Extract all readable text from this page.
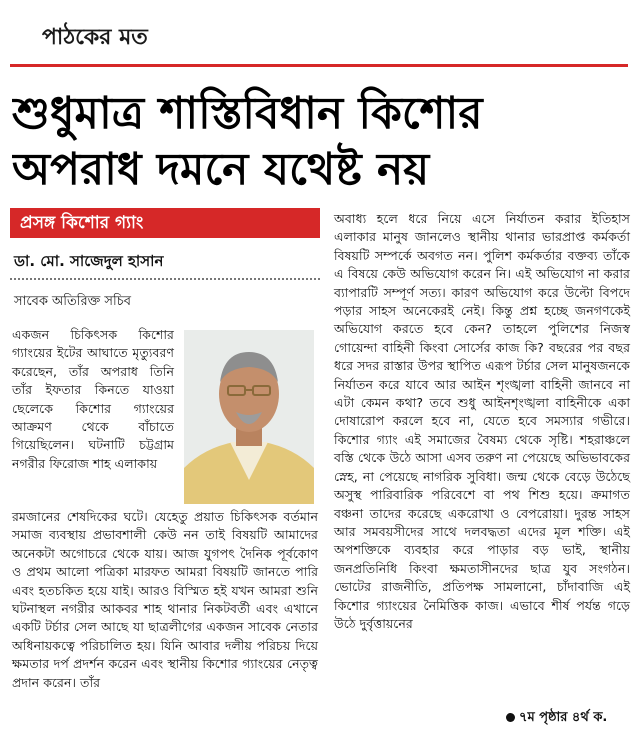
পাঠকের মত
শুধুমাত্র শাস্তিবিধান কিশোর
অপরাধ দমনে যথেষ্ট নয়
প্রসঙ্গ কিশোর গ্যাং
ডা. মো. সাজেদুল হাসান
সাবেক অতিরিক্ত সচিব
একজন চিকিৎসক কিশোর গ্যাংয়ের ইটের আঘাতে মৃত্যুবরণ করেছেন, তাঁর অপরাধ তিনি তাঁর ইফতার কিনতে যাওয়া ছেলেকে কিশোর গ্যাংয়ের আক্রমণ থেকে বাঁচাতে গিয়েছিলেন। ঘটনাটি চট্টগ্রাম নগরীর ফিরোজ শাহ এলাকায়
রমজানের শেষদিকের ঘটে। যেহেতু প্রয়াত চিকিৎসক বর্তমান সমাজ ব্যবস্থায় প্রভাবশালী কেউ নন তাই বিষয়টি আমাদের অনেকটা অগোচরে থেকে যায়। আজ যুগপৎ দৈনিক পূর্বকোণ ও প্রথম আলো পত্রিকা মারফত আমরা বিষয়টি জানতে পারি এবং হতচকিত হয়ে যাই। আরও বিস্মিত হই যখন আমরা শুনি ঘটনাস্থল নগরীর আকবর শাহ থানার নিকটবর্তী এবং এখানে একটি টর্চার সেল আছে যা ছাত্রলীগের একজন সাবেক নেতার অধিনায়কত্বে পরিচালিত হয়। যিনি আবার দলীয় পরিচয় দিয়ে ক্ষমতার দর্প প্রদর্শন করেন এবং স্থানীয় কিশোর গ্যাংয়ের নেতৃত্ব প্রদান করেন। তাঁর
অবাধ্য হলে ধরে নিয়ে এসে নির্যাতন করার ইতিহাস এলাকার মানুষ জানলেও স্থানীয় থানার ভারপ্রাপ্ত কর্মকর্তা বিষয়টি সম্পর্কে অবগত নন। পুলিশ কর্মকর্তার বক্তব্য তাঁকে এ বিষয়ে কেউ অভিযোগ করেন নি। এই অভিযোগ না করার ব্যাপারটি সম্পূর্ণ সত্য। কারণ অভিযোগ করে উল্টো বিপদে পড়ার সাহস অনেকেরই নেই। কিন্তু প্রশ্ন হচ্ছে জনগণকেই অভিযোগ করতে হবে কেন? তাহলে পুলিশের নিজস্ব গোয়েন্দা বাহিনী কিংবা সোর্সের কাজ কি? বছরের পর বছর ধরে সদর রাস্তার উপর স্থাপিত এরূপ টর্চার সেল মানুষজনকে নির্যাতন করে যাবে আর আইন শৃংঙ্খলা বাহিনী জানবে না এটা কেমন কথা? তবে শুধু আইনশৃংঙ্খলা বাহিনীকে একা দোষারোপ করলে হবে না, যেতে হবে সমস্যার গভীরে। কিশোর গ্যাং এই সমাজের বৈষম্য থেকে সৃষ্টি। শহরাঞ্চলে বস্তি থেকে উঠে আসা এসব তরুণ না পেয়েছে অভিভাবকের স্নেহ, না পেয়েছে নাগরিক সুবিধা। জন্ম থেকে বেড়ে উঠেছে অসুস্থ পারিবারিক পরিবেশে বা পথ শিশু হয়ে। ক্রমাগত বঞ্চনা তাদের করেছে একরোখা ও বেপরোয়া। দুরন্ত সাহস আর সমবয়সীদের সাথে দলবদ্ধতা এদের মূল শক্তি। এই অপশক্তিকে ব্যবহার করে পাড়ার বড় ভাই, স্থানীয় জনপ্রতিনিধি কিংবা ক্ষমতাসীনদের ছাত্র যুব সংগঠন। ভোটের রাজনীতি, প্রতিপক্ষ সামলানো, চাঁদাবাজি এই কিশোর গ্যাংয়ের নৈমিত্তিক কাজ। এভাবে শীর্ষ পর্যন্ত গড়ে উঠে দুর্বৃত্তায়নের
৭ম পৃষ্ঠার ৪র্থ ক.
